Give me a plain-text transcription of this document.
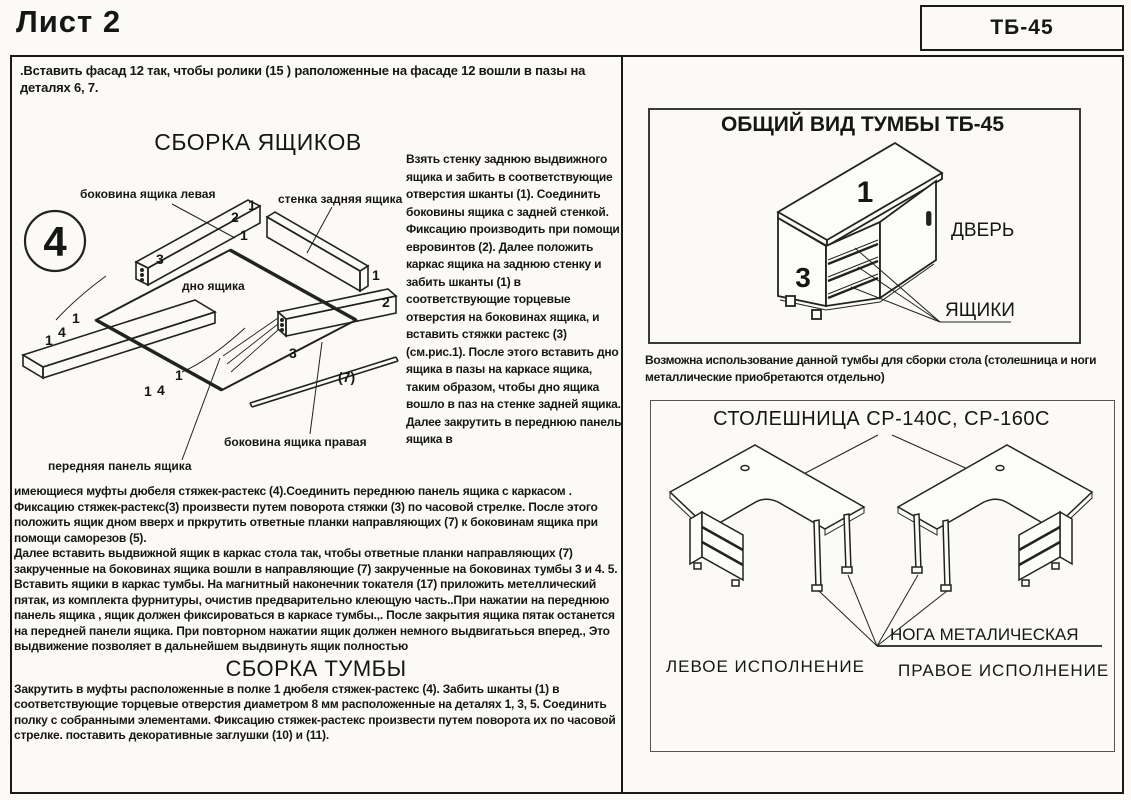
Лист 2	ТБ-45
.Вставить фасад 12 так, чтобы ролики (15 ) раположенные на фасаде 12 вошли в пазы на деталях 6, 7.
СБОРКА ЯЩИКОВ
4
боковина ящика левая	стенка задняя ящика
дно ящика
боковина ящика правая
передняя панель ящика
(7)
1
2
1
3
1
2
3
1
4
1
1
4
1
Взять стенку заднюю выдвижного ящика и забить в соответствующие отверстия шканты (1). Соединить боковины ящика с задней стенкой. Фиксацию производить при помощи евровинтов (2). Далее положить каркас ящика на заднюю стенку и забить шканты (1) в соответствующие торцевые отверстия на боковинах ящика, и вставить стяжки растекс (3) (см.рис.1). После этого вставить дно ящика в пазы на каркасе ящика, таким образом, чтобы дно ящика вошло в паз на стенке задней ящика. Далее закрутить в переднюю панель ящика в
имеющиеся муфты дюбеля стяжек-растекс (4).Соединить переднюю панель ящика с каркасом . Фиксацию стяжек-растекс(3) произвести путем поворота стяжки (3) по часовой стрелке. После этого положить ящик дном вверх и пркрутить ответные планки направляющих (7) к боковинам ящика при помощи саморезов (5).
Далее вставить выдвижной ящик в каркас стола так, чтобы ответные планки направляющих (7) закрученные на боковинах ящика вошли в направляющие (7) закрученные на боковинах тумбы 3 и 4. 5. Вставить ящики в каркас тумбы. На магнитный наконечник токателя (17) приложить метеллический пятак, из комплекта фурнитуры, очистив предварительно клеющую часть..При нажатии на переднюю панель ящика , ящик должен фиксироваться в каркасе тумбы.,. После закрытия ящика пятак останется на передней панели ящика. При повторном нажатии ящик должен немного выдвигатьься вперед., Это выдвижение позволяет в дальнейшем выдвинуть ящик полностью
СБОРКА ТУМБЫ
Закрутить в муфты расположенные в полке 1 дюбеля стяжек-растекс (4). Забить шканты (1) в соответствующие торцевые отверстия диаметром 8 мм расположенные на деталях 1, 3, 5. Соединить полку с собранными элементами. Фиксацию стяжек-растекс произвести путем поворота их по часовой стрелке. поставить декоративные заглушки (10) и (11).
ОБЩИЙ ВИД ТУМБЫ ТБ-45
1
3
ДВЕРЬ
ЯЩИКИ
Возможна использование данной тумбы для сборки стола (столешница и ноги металлические приобретаются отдельно)
СТОЛЕШНИЦА СР-140С, СР-160С
НОГА МЕТАЛИЧЕСКАЯ
ЛЕВОЕ ИСПОЛНЕНИЕ ПРАВОЕ ИСПОЛНЕНИЕ
